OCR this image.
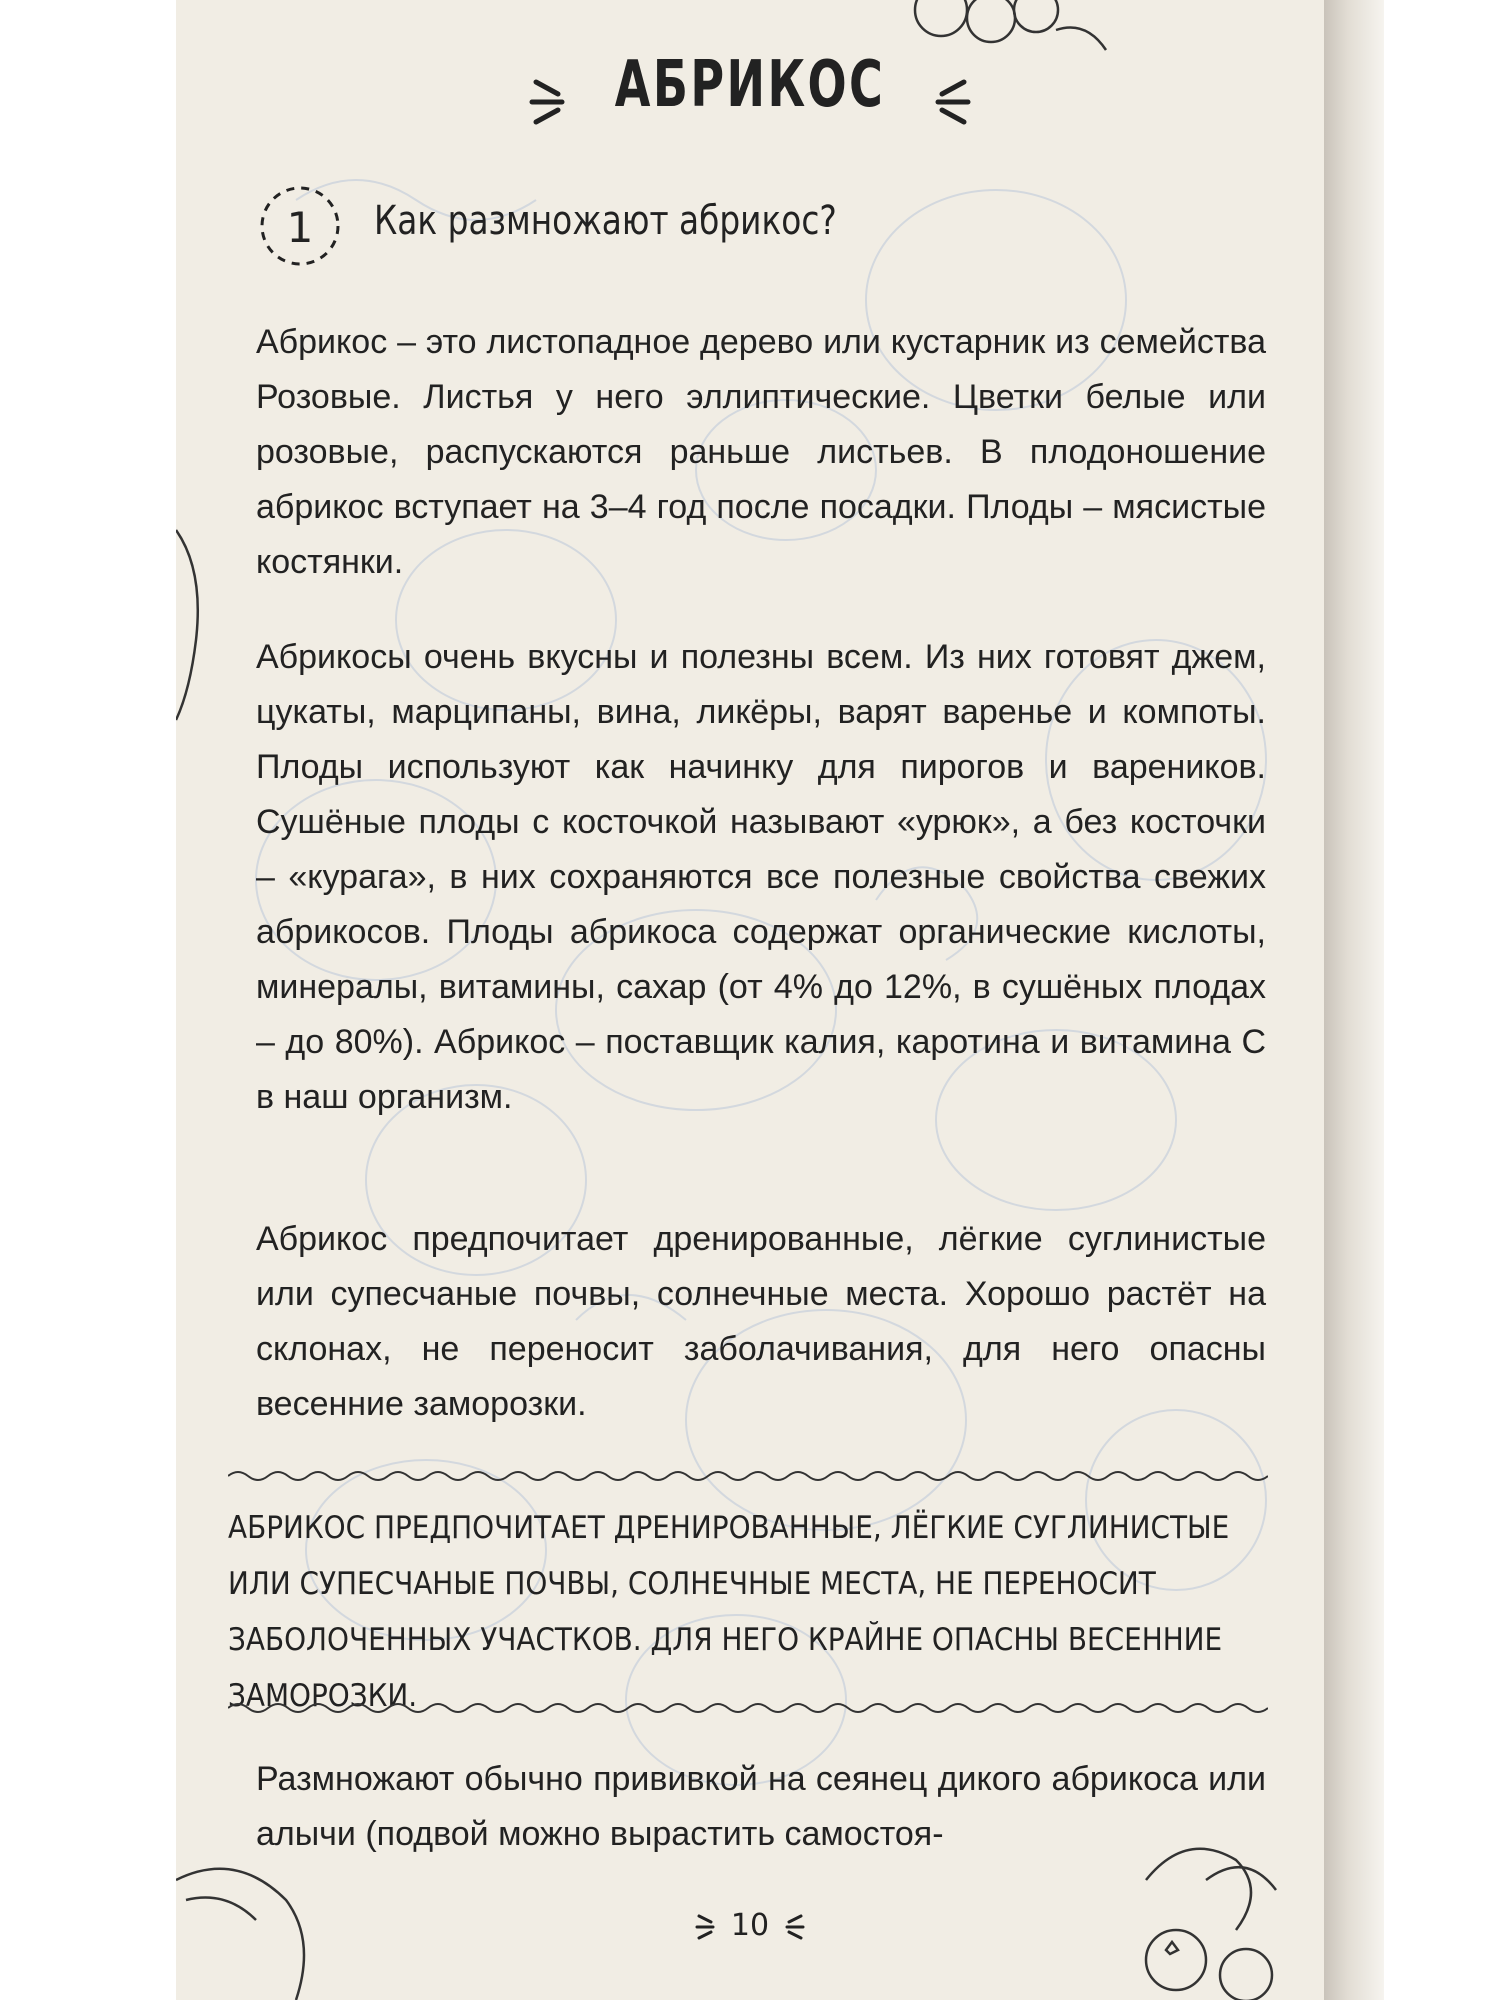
АБРИКОС
1 Как размножают абрикос?

Абрикос – это листопадное дерево или кустарник из семейства Розовые. Листья у него эллиптические. Цветки белые или розовые, распускаются раньше листьев. В плодоношение абрикос вступает на 3–4 год после посадки. Плоды – мясистые костянки.

Абрикосы очень вкусны и полезны всем. Из них готовят джем, цукаты, марципаны, вина, ликёры, варят варенье и компоты. Плоды используют как начинку для пирогов и вареников. Сушёные плоды с косточкой называют «урюк», а без косточки – «курага», в них сохраняются все полезные свойства свежих абрикосов. Плоды абрикоса содержат органические кислоты, минералы, витамины, сахар (от 4% до 12%, в сушёных плодах – до 80%). Абрикос – поставщик калия, каротина и витамина С в наш организм.

Абрикос предпочитает дренированные, лёгкие суглинистые или супесчаные почвы, солнечные места. Хорошо растёт на склонах, не переносит заболачивания, для него опасны весенние заморозки.

АБРИКОС ПРЕДПОЧИТАЕТ ДРЕНИРОВАННЫЕ, ЛЁГКИЕ СУГЛИНИСТЫЕ ИЛИ СУПЕСЧАНЫЕ ПОЧВЫ, СОЛНЕЧНЫЕ МЕСТА, НЕ ПЕРЕНОСИТ ЗАБОЛОЧЕННЫХ УЧАСТКОВ. ДЛЯ НЕГО КРАЙНЕ ОПАСНЫ ВЕСЕННИЕ ЗАМОРОЗКИ.

Размножают обычно прививкой на сеянец дикого абрикоса или алычи (подвой можно вырастить самостоя-

10
